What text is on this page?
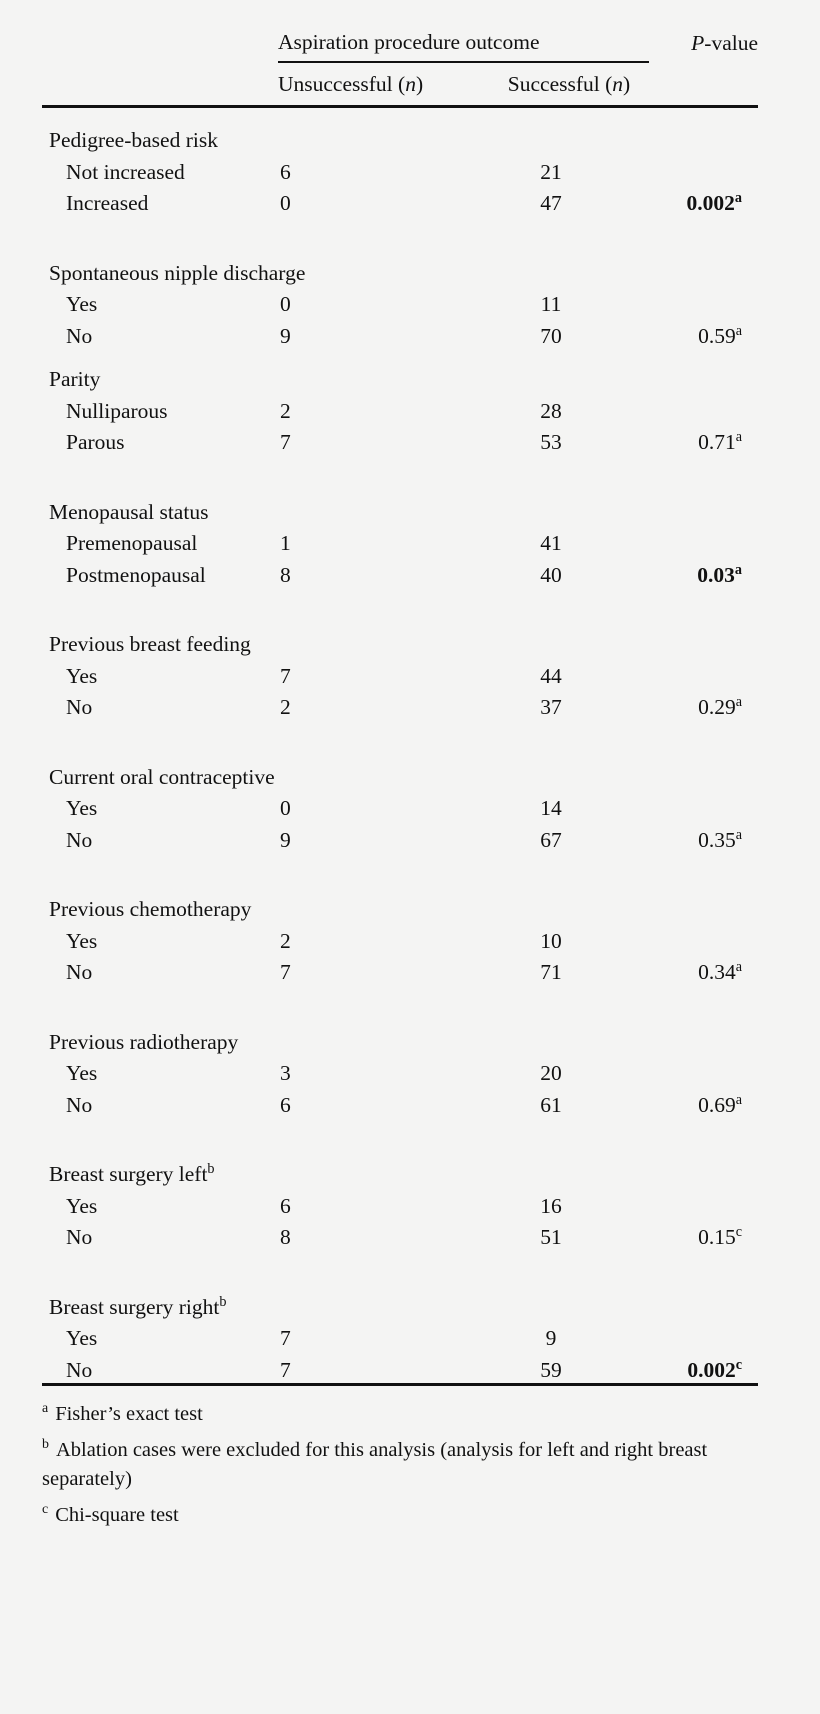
	Aspiration procedure outcome		P-value
	Unsuccessful (n)	Successful (n)	

Pedigree-based risk			
Not increased	6	21	
Increased	0	47	0.002$^a$

Spontaneous nipple discharge			
Yes	0	11	
No	9	70	0.59$^a$

Parity			
Nulliparous	2	28	
Parous	7	53	0.71$^a$

Menopausal status			
Premenopausal	1	41	
Postmenopausal	8	40	0.03$^a$

Previous breast feeding			
Yes	7	44	
No	2	37	0.29$^a$

Current oral contraceptive			
Yes	0	14	
No	9	67	0.35$^a$

Previous chemotherapy			
Yes	2	10	
No	7	71	0.34$^a$

Previous radiotherapy			
Yes	3	20	
No	6	61	0.69$^a$

Breast surgery left$^b$
Yes	6	16	
No	8	51	0.15$^c$

Breast surgery right$^b$
Yes	7	9	
No	7	59	0.002$^c$

$^a$ Fisher’s exact test

$^b$ Ablation cases were excluded for this analysis (analysis for left and right breast separately)

$^c$ Chi-square test
